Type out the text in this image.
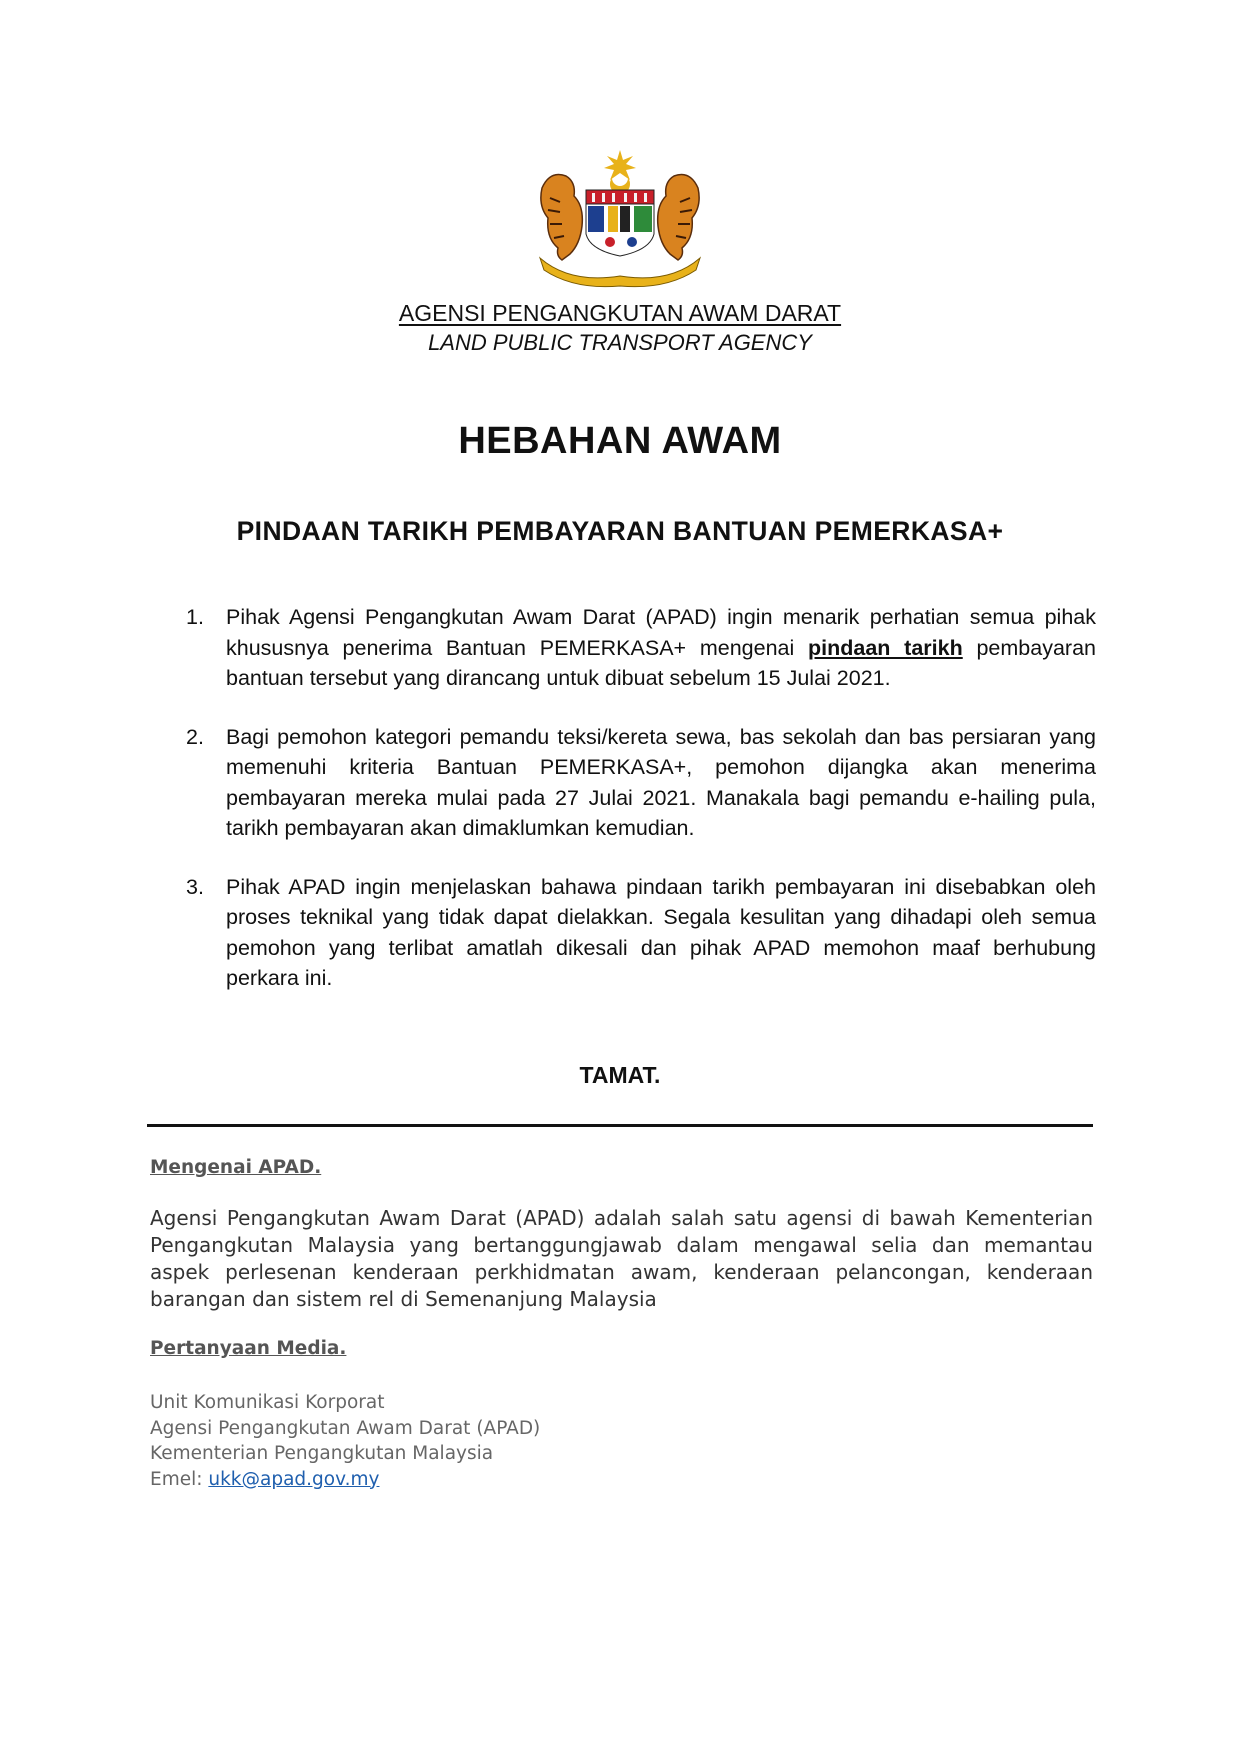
AGENSI PENGANGKUTAN AWAM DARAT
LAND PUBLIC TRANSPORT AGENCY
HEBAHAN AWAM
PINDAAN TARIKH PEMBAYARAN BANTUAN PEMERKASA+
1. Pihak Agensi Pengangkutan Awam Darat (APAD) ingin menarik perhatian semua pihak khususnya penerima Bantuan PEMERKASA+ mengenai pindaan tarikh pembayaran bantuan tersebut yang dirancang untuk dibuat sebelum 15 Julai 2021.
2. Bagi pemohon kategori pemandu teksi/kereta sewa, bas sekolah dan bas persiaran yang memenuhi kriteria Bantuan PEMERKASA+, pemohon dijangka akan menerima pembayaran mereka mulai pada 27 Julai 2021. Manakala bagi pemandu e-hailing pula, tarikh pembayaran akan dimaklumkan kemudian.
3. Pihak APAD ingin menjelaskan bahawa pindaan tarikh pembayaran ini disebabkan oleh proses teknikal yang tidak dapat dielakkan. Segala kesulitan yang dihadapi oleh semua pemohon yang terlibat amatlah dikesali dan pihak APAD memohon maaf berhubung perkara ini.
TAMAT.
Mengenai APAD.
Agensi Pengangkutan Awam Darat (APAD) adalah salah satu agensi di bawah Kementerian Pengangkutan Malaysia yang bertanggungjawab dalam mengawal selia dan memantau aspek perlesenan kenderaan perkhidmatan awam, kenderaan pelancongan, kenderaan barangan dan sistem rel di Semenanjung Malaysia
Pertanyaan Media.
Unit Komunikasi Korporat
Agensi Pengangkutan Awam Darat (APAD)
Kementerian Pengangkutan Malaysia
Emel: ukk@apad.gov.my
